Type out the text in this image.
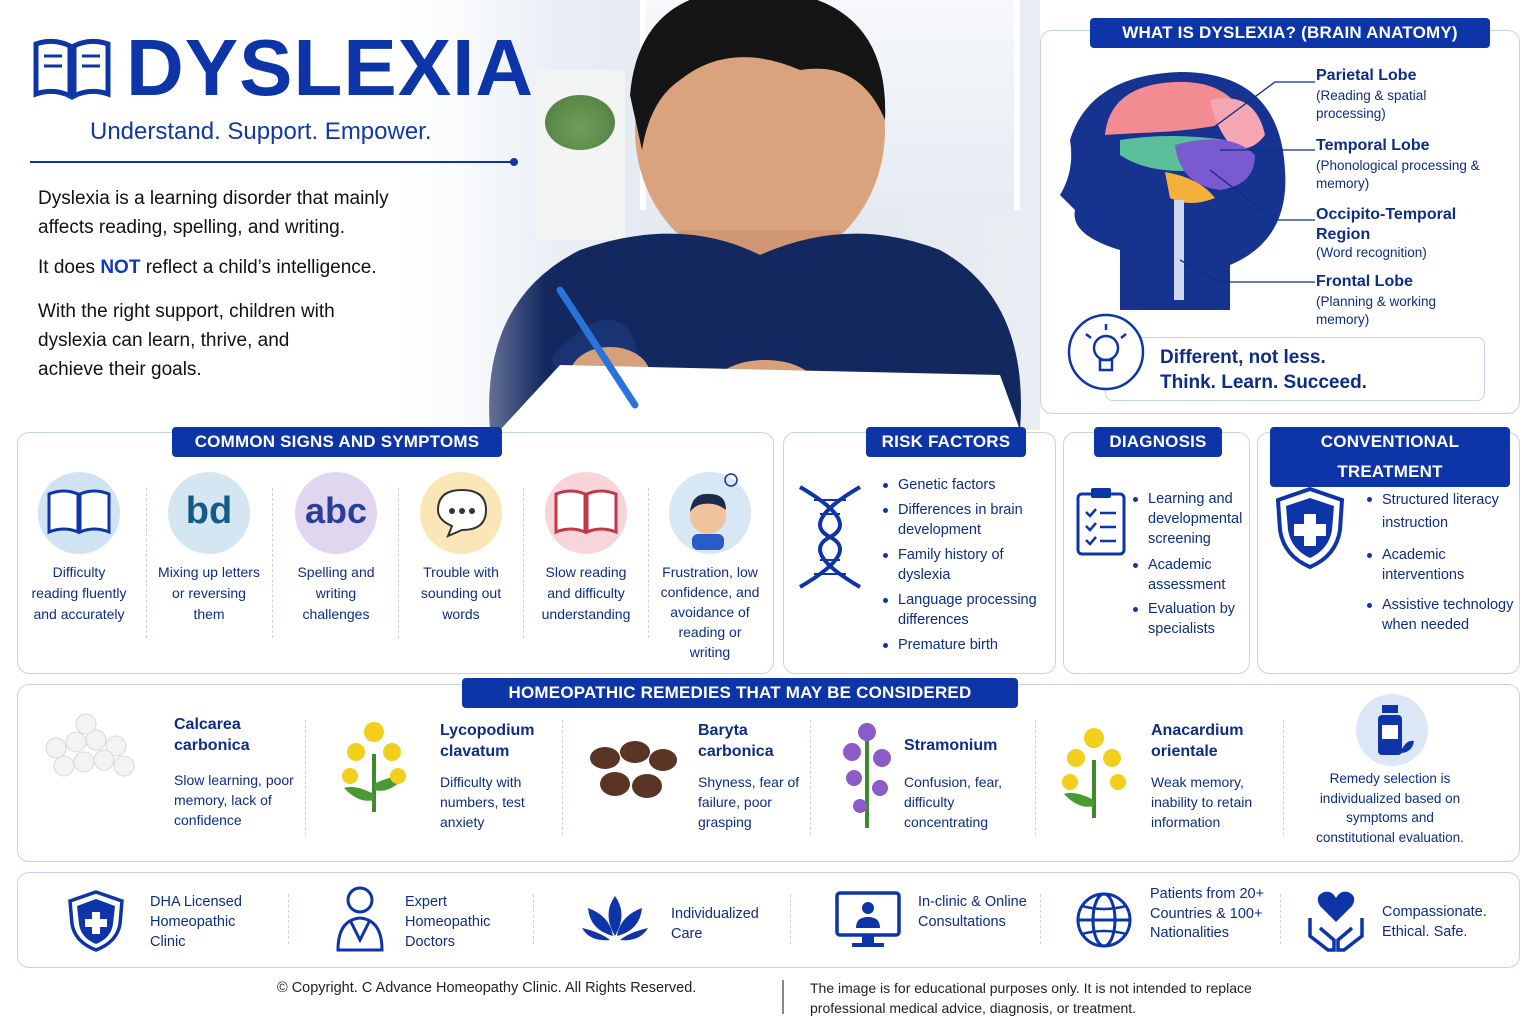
DYSLEXIA
Understand. Support. Empower.
Dyslexia is a learning disorder that mainly affects reading, spelling, and writing.
It does NOT reflect a child’s intelligence.
With the right support, children with dyslexia can learn, thrive, and achieve their goals.
WHAT IS DYSLEXIA? (BRAIN ANATOMY)
Parietal Lobe
(Reading & spatial processing)
Temporal Lobe
(Phonological processing & memory)
Occipito-Temporal Region
(Word recognition)
Frontal Lobe
(Planning & working memory)
Different, not less.
Think. Learn. Succeed.
COMMON SIGNS AND SYMPTOMS
bd	abc
Difficulty reading fluently and accurately
Mixing up letters or reversing them
Spelling and writing challenges
Trouble with sounding out words
Slow reading and difficulty understanding
Frustration, low confidence, and avoidance of reading or writing
RISK FACTORS
Genetic factors
Differences in brain development
Family history of dyslexia
Language processing differences
Premature birth
DIAGNOSIS
Learning and developmental screening
Academic assessment
Evaluation by specialists
CONVENTIONAL TREATMENT
Structured literacy instruction
Academic interventions
Assistive technology when needed
HOMEOPATHIC REMEDIES THAT MAY BE CONSIDERED
Calcarea carbonica
Slow learning, poor memory, lack of confidence
Lycopodium clavatum
Difficulty with numbers, test anxiety
Baryta carbonica
Shyness, fear of failure, poor grasping
Stramonium
Confusion, fear, difficulty concentrating
Anacardium orientale
Weak memory, inability to retain information
Remedy selection is individualized based on symptoms and constitutional evaluation.
DHA Licensed Homeopathic Clinic
Expert Homeopathic Doctors
Individualized Care
In-clinic & Online Consultations
Patients from 20+ Countries & 100+ Nationalities
Compassionate. Ethical. Safe.
© Copyright. C Advance Homeopathy Clinic. All Rights Reserved.	The image is for educational purposes only. It is not intended to replace professional medical advice, diagnosis, or treatment.
